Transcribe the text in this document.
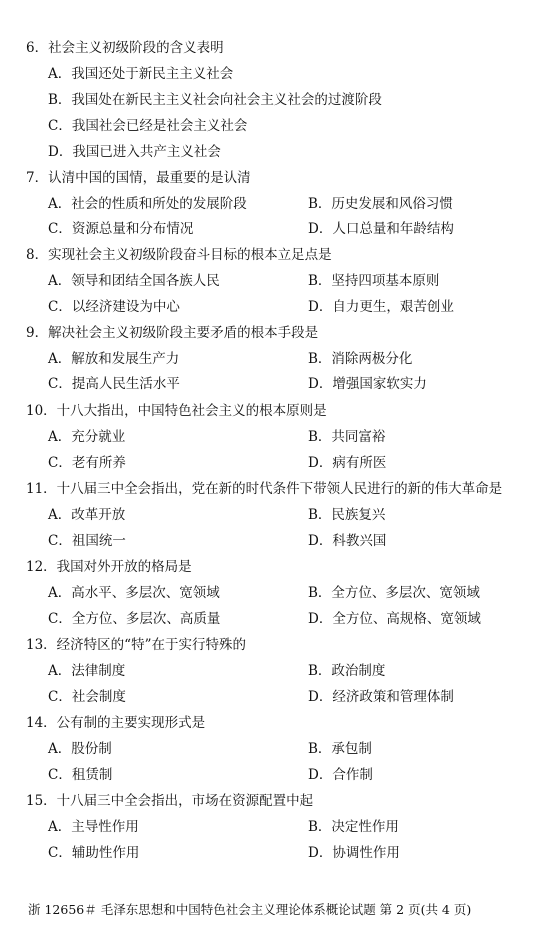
6．社会主义初级阶段的含义表明
A．我国还处于新民主主义社会
B．我国处在新民主主义社会向社会主义社会的过渡阶段
C．我国社会已经是社会主义社会
D．我国已进入共产主义社会
7．认清中国的国情，最重要的是认清
A．社会的性质和所处的发展阶段	B．历史发展和风俗习惯
C．资源总量和分布情况	D．人口总量和年龄结构
8．实现社会主义初级阶段奋斗目标的根本立足点是
A．领导和团结全国各族人民	B．坚持四项基本原则
C．以经济建设为中心	D．自力更生，艰苦创业
9．解决社会主义初级阶段主要矛盾的根本手段是
A．解放和发展生产力	B．消除两极分化
C．提高人民生活水平	D．增强国家软实力
10．十八大指出，中国特色社会主义的根本原则是
A．充分就业	B．共同富裕
C．老有所养	D．病有所医
11．十八届三中全会指出，党在新的时代条件下带领人民进行的新的伟大革命是
A．改革开放	B．民族复兴
C．祖国统一	D．科教兴国
12．我国对外开放的格局是
A．高水平、多层次、宽领域	B．全方位、多层次、宽领域
C．全方位、多层次、高质量	D．全方位、高规格、宽领域
13．经济特区的“特”在于实行特殊的
A．法律制度	B．政治制度
C．社会制度	D．经济政策和管理体制
14．公有制的主要实现形式是
A．股份制	B．承包制
C．租赁制	D．合作制
15．十八届三中全会指出，市场在资源配置中起
A．主导性作用	B．决定性作用
C．辅助性作用	D．协调性作用
浙 12656＃ 毛泽东思想和中国特色社会主义理论体系概论试题 第 2 页(共 4 页)
